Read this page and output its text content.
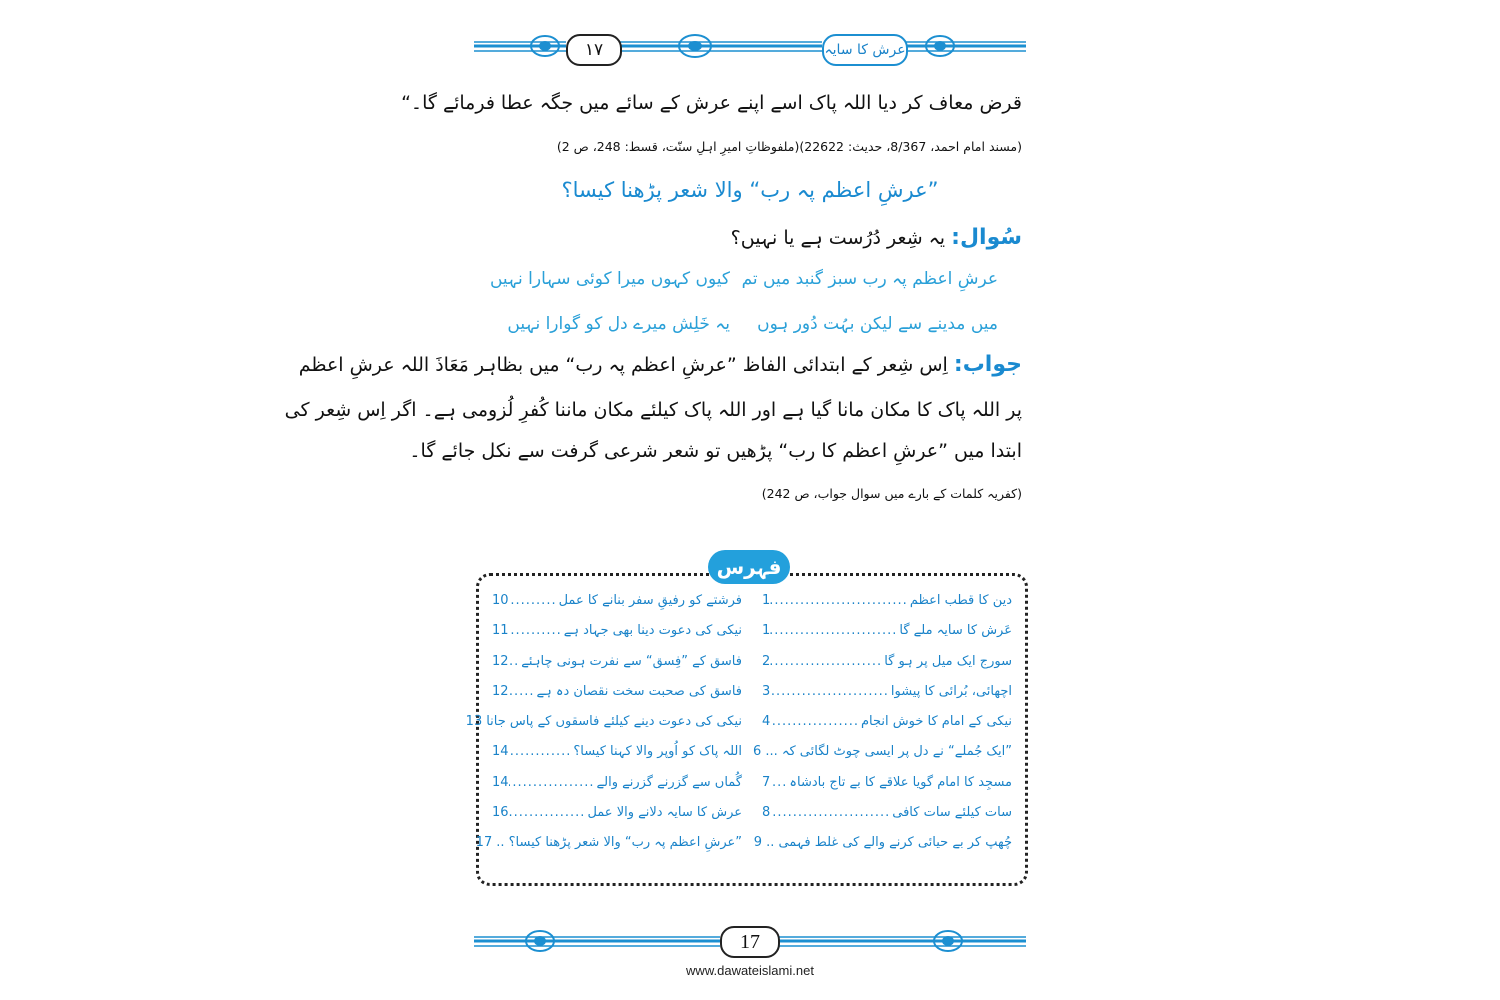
١٧	عرش کا سایہ
قرض معاف کر دیا اللہ پاک اسے اپنے عرش کے سائے میں جگہ عطا فرمائے گا۔“
(مسند امام احمد، 8/367، حدیث: 22622)(ملفوظاتِ امیرِ اہلِ سنّت، قسط: 248، ص 2)
”عرشِ اعظم پہ رب“ والا شعر پڑھنا کیسا؟
سُوال: یہ شِعر دُرُست ہے یا نہیں؟
عرشِ اعظم پہ رب سبز گنبد میں تم
کیوں کہوں میرا کوئی سہارا نہیں
میں مدینے سے لیکن بہُت دُور ہوں
یہ خَلِش میرے دل کو گوارا نہیں
جواب: اِس شِعر کے ابتدائی الفاظ ”عرشِ اعظم پہ رب“ میں بظاہر مَعَاذَ اللہ عرشِ اعظم
پر اللہ پاک کا مکان مانا گیا ہے اور اللہ پاک کیلئے مکان ماننا کُفرِ لُزومی ہے۔ اگر اِس شِعر کی
ابتدا میں ”عرشِ اعظم کا رب“ پڑھیں تو شعر شرعی گرفت سے نکل جائے گا۔
(کفریہ کلمات کے بارے میں سوال جواب، ص 242)
فہرس
دین کا قطب اعظم
.....
1
عَرش کا سایہ ملے گا
.....
1
سورج ایک میل پر ہو گا
.....
2
اچھائی، بُرائی کا پیشوا
.....
3
نیکی کے امام کا خوش انجام
.....
4
”ایک جُملے“ نے دل پر ایسی چوٹ لگائی کہ ...
.....
6
مسجِد کا امام گویا علاقے کا بے تاج بادشاہ
.....
7
سات کیلئے سات کافی
.....
8
چُھپ کر بے حیائی کرنے والے کی غلط فہمی ..
.....
9
فرشتے کو رفیقِ سفر بنانے کا عمل
.....
10
نیکی کی دعوت دینا بھی جہاد ہے
.....
11
فاسق کے ”فِسق“ سے نفرت ہونی چاہئے
.....
12
فاسق کی صحبت سخت نقصان دہ ہے
.....
12
نیکی کی دعوت دینے کیلئے فاسقوں کے پاس جانا
.....
13
اللہ پاک کو اُوپر والا کہنا کیسا؟
.....
14
گُماں سے گزرنے گزرنے والے
.....
14
عرش کا سایہ دلانے والا عمل
.....
16
”عرشِ اعظم پہ رب“ والا شعر پڑھنا کیسا؟ ..
.....
17
17
www.dawateislami.net
